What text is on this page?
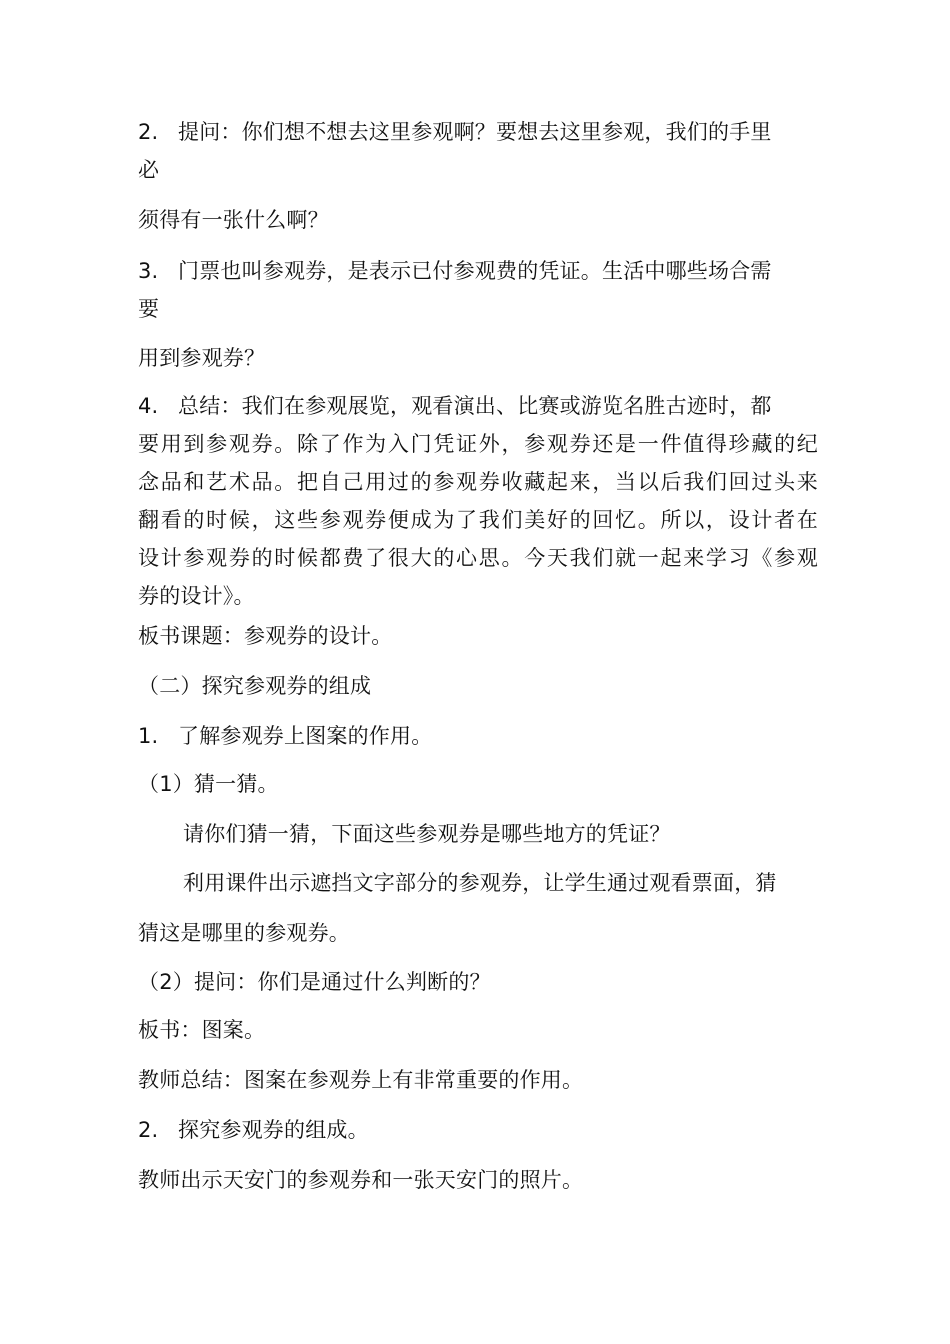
2. 提问：你们想不想去这里参观啊？要想去这里参观，我们的手里
必
须得有一张什么啊？
3. 门票也叫参观券，是表示已付参观费的凭证。生活中哪些场合需
要
用到参观券？
4. 总结：我们在参观展览，观看演出、比赛或游览名胜古迹时，都
要用到参观券。除了作为入门凭证外，参观券还是一件值得珍藏的纪
念品和艺术品。把自己用过的参观券收藏起来，当以后我们回过头来
翻看的时候，这些参观券便成为了我们美好的回忆。所以，设计者在
设计参观券的时候都费了很大的心思。今天我们就一起来学习《参观
券的设计》。
板书课题：参观券的设计。
（二）探究参观券的组成
1. 了解参观券上图案的作用。
（1）猜一猜。
请你们猜一猜，下面这些参观券是哪些地方的凭证？
利用课件出示遮挡文字部分的参观券，让学生通过观看票面，猜
猜这是哪里的参观券。
（2）提问：你们是通过什么判断的？
板书：图案。
教师总结：图案在参观券上有非常重要的作用。
2. 探究参观券的组成。
教师出示天安门的参观券和一张天安门的照片。
